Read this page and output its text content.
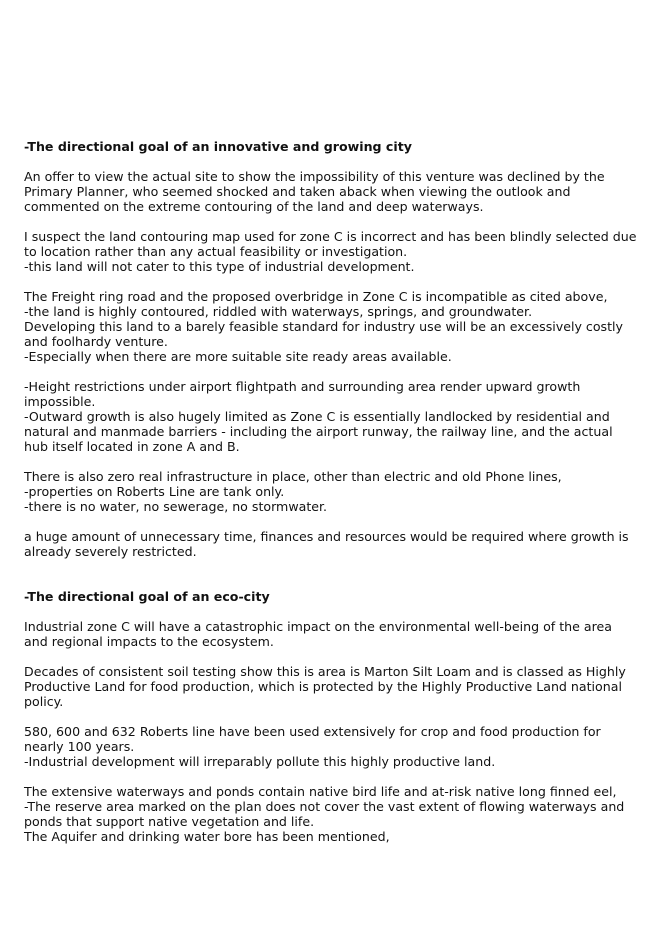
-The directional goal of an innovative and growing city
An offer to view the actual site to show the impossibility of this venture was declined by the
Primary Planner, who seemed shocked and taken aback when viewing the outlook and
commented on the extreme contouring of the land and deep waterways.
I suspect the land contouring map used for zone C is incorrect and has been blindly selected due
to location rather than any actual feasibility or investigation.
-this land will not cater to this type of industrial development.
The Freight ring road and the proposed overbridge in Zone C is incompatible as cited above,
-the land is highly contoured, riddled with waterways, springs, and groundwater.
Developing this land to a barely feasible standard for industry use will be an excessively costly
and foolhardy venture.
-Especially when there are more suitable site ready areas available.
-Height restrictions under airport flightpath and surrounding area render upward growth
impossible.
-Outward growth is also hugely limited as Zone C is essentially landlocked by residential and
natural and manmade barriers - including the airport runway, the railway line, and the actual
hub itself located in zone A and B.
There is also zero real infrastructure in place, other than electric and old Phone lines,
-properties on Roberts Line are tank only.
-there is no water, no sewerage, no stormwater.
a huge amount of unnecessary time, finances and resources would be required where growth is
already severely restricted.
-The directional goal of an eco-city
Industrial zone C will have a catastrophic impact on the environmental well-being of the area
and regional impacts to the ecosystem.
Decades of consistent soil testing show this is area is Marton Silt Loam and is classed as Highly
Productive Land for food production, which is protected by the Highly Productive Land national
policy.
580, 600 and 632 Roberts line have been used extensively for crop and food production for
nearly 100 years.
-Industrial development will irreparably pollute this highly productive land.
The extensive waterways and ponds contain native bird life and at-risk native long finned eel,
-The reserve area marked on the plan does not cover the vast extent of flowing waterways and
ponds that support native vegetation and life.
The Aquifer and drinking water bore has been mentioned,
